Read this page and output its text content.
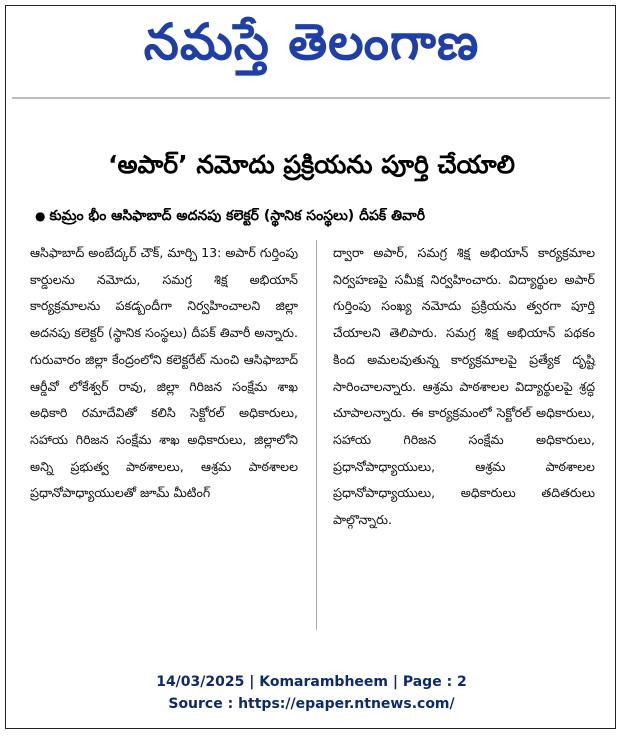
నమస్తే తెలంగాణ
‘అపార్’ నమోదు ప్రక్రియను పూర్తి చేయాలి
● కుమ్రం భీం ఆసిఫాబాద్ అదనపు కలెక్టర్ (స్థానిక సంస్థలు) దీపక్ తివారీ
ఆసిఫాబాద్ అంబేద్కర్ చౌక్, మార్చి 13: అపార్ గుర్తింపు కార్డులను నమోదు, సమగ్ర శిక్ష అభియాన్ కార్యక్రమాలను పకడ్బందీగా నిర్వహించాలని జిల్లా అదనపు కలెక్టర్ (స్థానిక సంస్థలు) దీపక్ తివారీ అన్నారు. గురువారం జిల్లా కేంద్రంలోని కలెక్టరేట్ నుంచి ఆసిఫాబాద్ ఆర్డీవో లోకేశ్వర్ రావు, జిల్లా గిరిజన సంక్షేమ శాఖ అధికారి రమాదేవితో కలిసి సెక్టోరల్ అధికారులు, సహాయ గిరిజన సంక్షేమ శాఖ అధికారులు, జిల్లాలోని అన్ని ప్రభుత్వ పాఠశాలలు, ఆశ్రమ పాఠశాలల ప్రధానోపాధ్యాయులతో జూమ్ మీటింగ్
ద్వారా అపార్, సమగ్ర శిక్ష అభియాన్ కార్యక్రమాల నిర్వహణపై సమీక్ష నిర్వహించారు. విద్యార్థుల అపార్ గుర్తింపు సంఖ్య నమోదు ప్రక్రియను త్వరగా పూర్తి చేయాలని తెలిపారు. సమగ్ర శిక్ష అభియాన్ పథకం కింద అమలవుతున్న కార్యక్రమాలపై ప్రత్యేక దృష్టి సారించాలన్నారు. ఆశ్రమ పాఠశాలల విద్యార్థులపై శ్రద్ధ చూపాలన్నారు. ఈ కార్యక్రమంలో సెక్టోరల్ అధికారులు, సహాయ గిరిజన సంక్షేమ అధికారులు, ప్రధానోపాధ్యాయులు, ఆశ్రమ పాఠశాలల ప్రధానోపాధ్యాయులు, అధికారులు తదితరులు పాల్గొన్నారు.
14/03/2025 | Komarambheem | Page : 2
Source : https://epaper.ntnews.com/
